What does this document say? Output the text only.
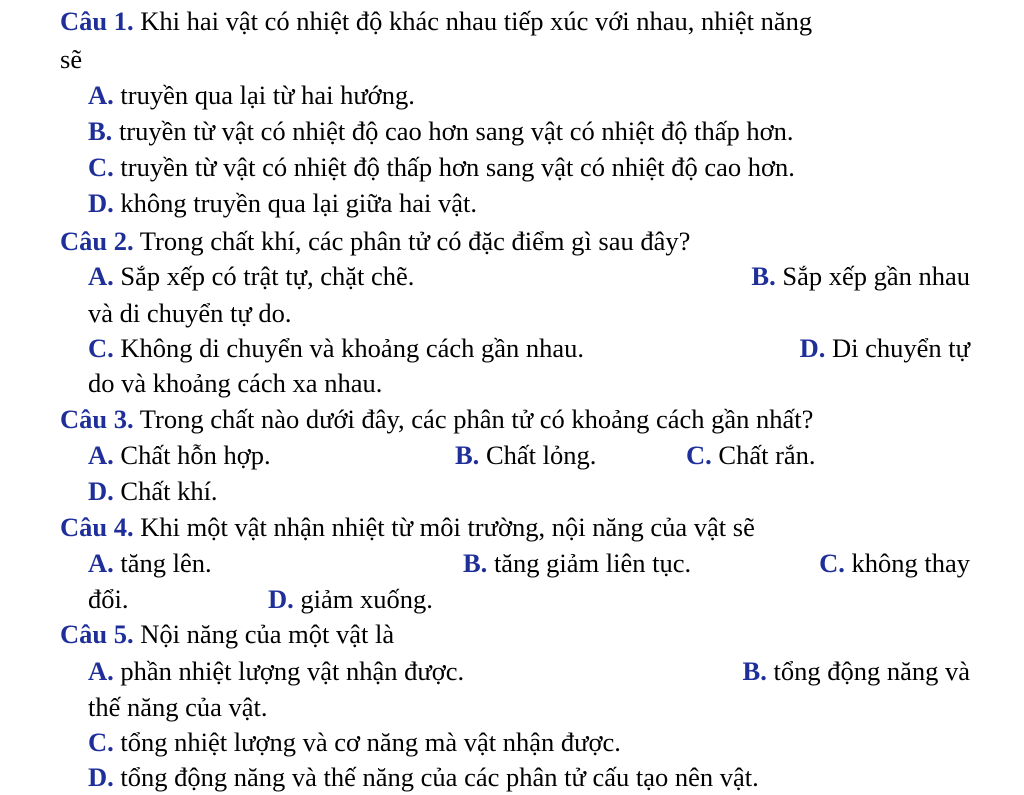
Câu 1. Khi hai vật có nhiệt độ khác nhau tiếp xúc với nhau, nhiệt năng
sẽ
A. truyền qua lại từ hai hướng.
B. truyền từ vật có nhiệt độ cao hơn sang vật có nhiệt độ thấp hơn.
C. truyền từ vật có nhiệt độ thấp hơn sang vật có nhiệt độ cao hơn.
D. không truyền qua lại giữa hai vật.
Câu 2. Trong chất khí, các phân tử có đặc điểm gì sau đây?
A. Sắp xếp có trật tự, chặt chẽ.	B. Sắp xếp gần nhau
và di chuyển tự do.
C. Không di chuyển và khoảng cách gần nhau.	D. Di chuyển tự
do và khoảng cách xa nhau.
Câu 3. Trong chất nào dưới đây, các phân tử có khoảng cách gần nhất?
A. Chất hỗn hợp.	B. Chất lỏng.	C. Chất rắn.
D. Chất khí.
Câu 4. Khi một vật nhận nhiệt từ môi trường, nội năng của vật sẽ
A. tăng lên.	B. tăng giảm liên tục.	C. không thay
đổi.	D. giảm xuống.
Câu 5. Nội năng của một vật là
A. phần nhiệt lượng vật nhận được.	B. tổng động năng và
thế năng của vật.
C. tổng nhiệt lượng và cơ năng mà vật nhận được.
D. tổng động năng và thế năng của các phân tử cấu tạo nên vật.
